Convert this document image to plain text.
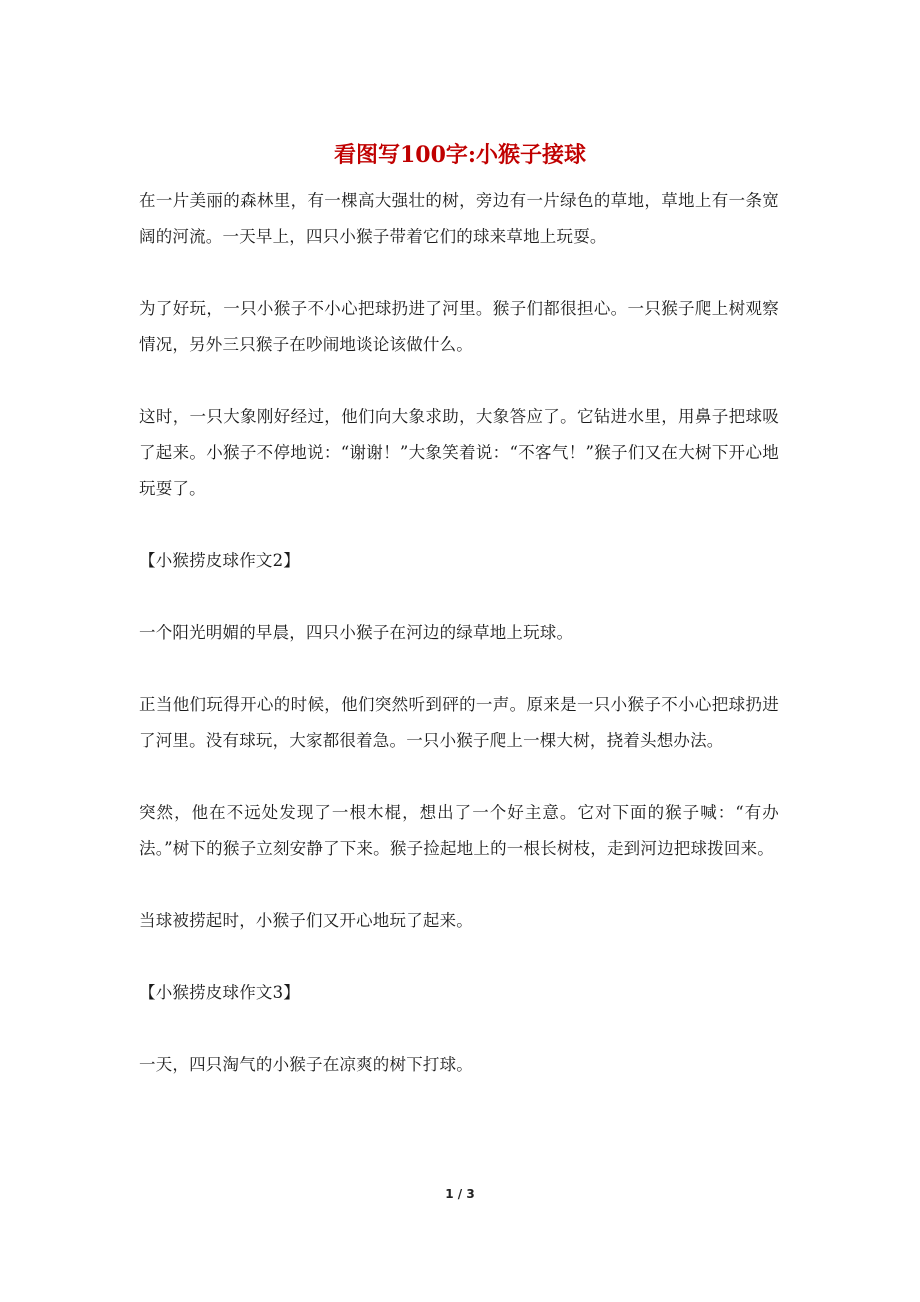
看图写100字:小猴子接球

在一片美丽的森林里，有一棵高大强壮的树，旁边有一片绿色的草地，草地上有一条宽阔的河流。一天早上，四只小猴子带着它们的球来草地上玩耍。

为了好玩，一只小猴子不小心把球扔进了河里。猴子们都很担心。一只猴子爬上树观察情况，另外三只猴子在吵闹地谈论该做什么。

这时，一只大象刚好经过，他们向大象求助，大象答应了。它钻进水里，用鼻子把球吸了起来。小猴子不停地说：“谢谢！”大象笑着说：“不客气！”猴子们又在大树下开心地玩耍了。

【小猴捞皮球作文2】

一个阳光明媚的早晨，四只小猴子在河边的绿草地上玩球。

正当他们玩得开心的时候，他们突然听到砰的一声。原来是一只小猴子不小心把球扔进了河里。没有球玩，大家都很着急。一只小猴子爬上一棵大树，挠着头想办法。

突然，他在不远处发现了一根木棍，想出了一个好主意。它对下面的猴子喊：“有办法。”树下的猴子立刻安静了下来。猴子捡起地上的一根长树枝，走到河边把球拨回来。

当球被捞起时，小猴子们又开心地玩了起来。

【小猴捞皮球作文3】

一天，四只淘气的小猴子在凉爽的树下打球。

1 / 3
